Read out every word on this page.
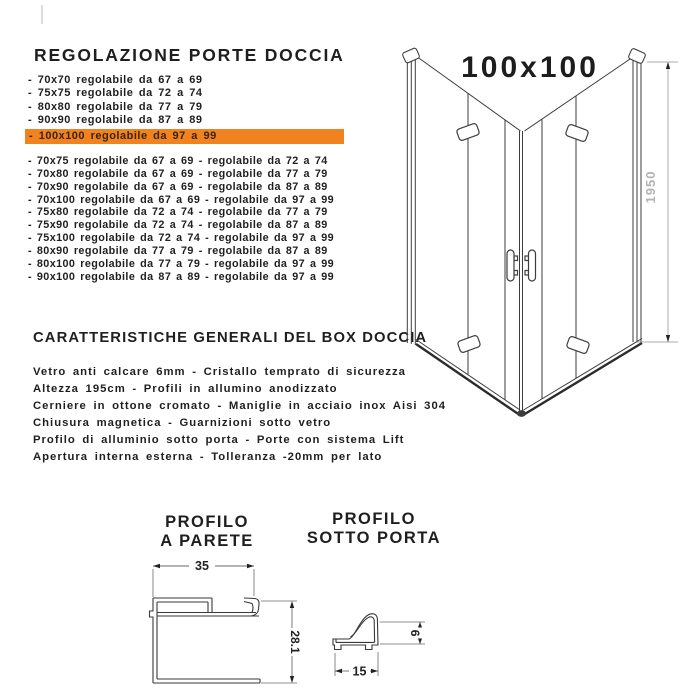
REGOLAZIONE PORTE DOCCIA
- 70x70 regolabile da 67 a 69
- 75x75 regolabile da 72 a 74
- 80x80 regolabile da 77 a 79
- 90x90 regolabile da 87 a 89
- 100x100 regolabile da 97 a 99
- 70x75 regolabile da 67 a 69 - regolabile da 72 a 74
- 70x80 regolabile da 67 a 69 - regolabile da 77 a 79
- 70x90 regolabile da 67 a 69 - regolabile da 87 a 89
- 70x100 regolabile da 67 a 69 - regolabile da 97 a 99
- 75x80 regolabile da 72 a 74 - regolabile da 77 a 79
- 75x90 regolabile da 72 a 74 - regolabile da 87 a 89
- 75x100 regolabile da 72 a 74 - regolabile da 97 a 99
- 80x90 regolabile da 77 a 79 - regolabile da 87 a 89
- 80x100 regolabile da 77 a 79 - regolabile da 97 a 99
- 90x100 regolabile da 87 a 89 - regolabile da 97 a 99
CARATTERISTICHE GENERALI DEL BOX DOCCIA
Vetro anti calcare 6mm - Cristallo temprato di sicurezza
Altezza 195cm - Profili in allumino anodizzato
Cerniere in ottone cromato - Maniglie in acciaio inox Aisi 304
Chiusura magnetica - Guarnizioni sotto vetro
Profilo di alluminio sotto porta - Porte con sistema Lift
Apertura interna esterna - Tolleranza -20mm per lato
100x100
1950
PROFILO
A PARETE
PROFILO
SOTTO PORTA
35
28.1
15
9
